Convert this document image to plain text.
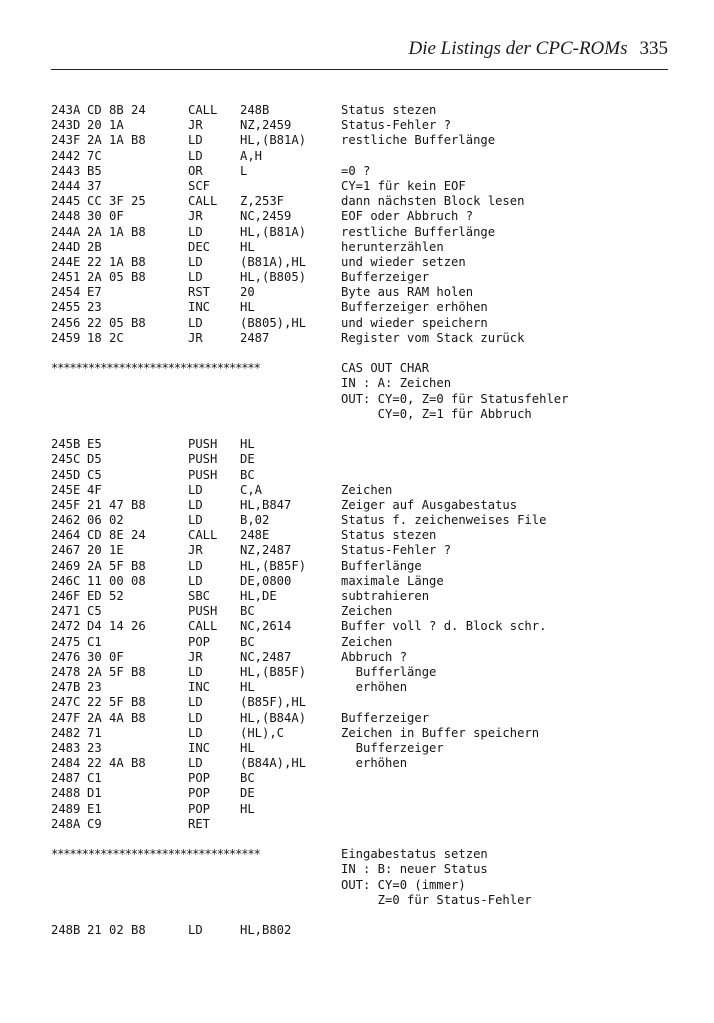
Die Listings der CPC-ROMs 335
243A CD 8B 24	CALL 248B	Status stezen
243D 20 1A	JR	NZ,2459	Status-Fehler ?
243F 2A 1A B8	LD	HL,(B81A)	restliche Bufferlänge
2442 7C	LD	A,H
2443 B5	OR	L	=0 ?
2444 37	SCF	CY=1 für kein EOF
2445 CC 3F 25	CALL Z,253F	dann nächsten Block lesen
2448 30 0F	JR	NC,2459	EOF oder Abbruch ?
244A 2A 1A B8	LD	HL,(B81A)	restliche Bufferlänge
244D 2B	DEC HL	herunterzählen
244E 22 1A B8	LD	(B81A),HL	und wieder setzen
2451 2A 05 B8	LD	HL,(B805)	Bufferzeiger
2454 E7	RST 20	Byte aus RAM holen
2455 23	INC HL	Bufferzeiger erhöhen
2456 22 05 B8	LD	(B805),HL	und wieder speichern
2459 18 2C	JR	2487	Register vom Stack zurück
**********************************	CAS OUT CHAR
IN : A: Zeichen
OUT: CY=0, Z=0 für Statusfehler
CY=0, Z=1 für Abbruch
245B E5	PUSH HL
245C D5	PUSH DE
245D C5	PUSH BC
245E 4F	LD	C,A	Zeichen
245F 21 47 B8	LD	HL,B847	Zeiger auf Ausgabestatus
2462 06 02	LD	B,02	Status f. zeichenweises File
2464 CD 8E 24	CALL 248E	Status stezen
2467 20 1E	JR	NZ,2487	Status-Fehler ?
2469 2A 5F B8	LD	HL,(B85F)	Bufferlänge
246C 11 00 08	LD	DE,0800	maximale Länge
246F ED 52	SBC HL,DE	subtrahieren
2471 C5	PUSH BC	Zeichen
2472 D4 14 26	CALL NC,2614	Buffer voll ? d. Block schr.
2475 C1	POP BC	Zeichen
2476 30 0F	JR	NC,2487	Abbruch ?
2478 2A 5F B8	LD	HL,(B85F)	Bufferlänge
247B 23	INC HL	erhöhen
247C 22 5F B8	LD	(B85F),HL
247F 2A 4A B8	LD	HL,(B84A)	Bufferzeiger
2482 71	LD	(HL),C	Zeichen in Buffer speichern
2483 23	INC HL	Bufferzeiger
2484 22 4A B8	LD	(B84A),HL	erhöhen
2487 C1	POP BC
2488 D1	POP DE
2489 E1	POP HL
248A C9	RET
**********************************	Eingabestatus setzen
IN : B: neuer Status
OUT: CY=0 (immer)
Z=0 für Status-Fehler
248B 21 02 B8	LD	HL,B802
